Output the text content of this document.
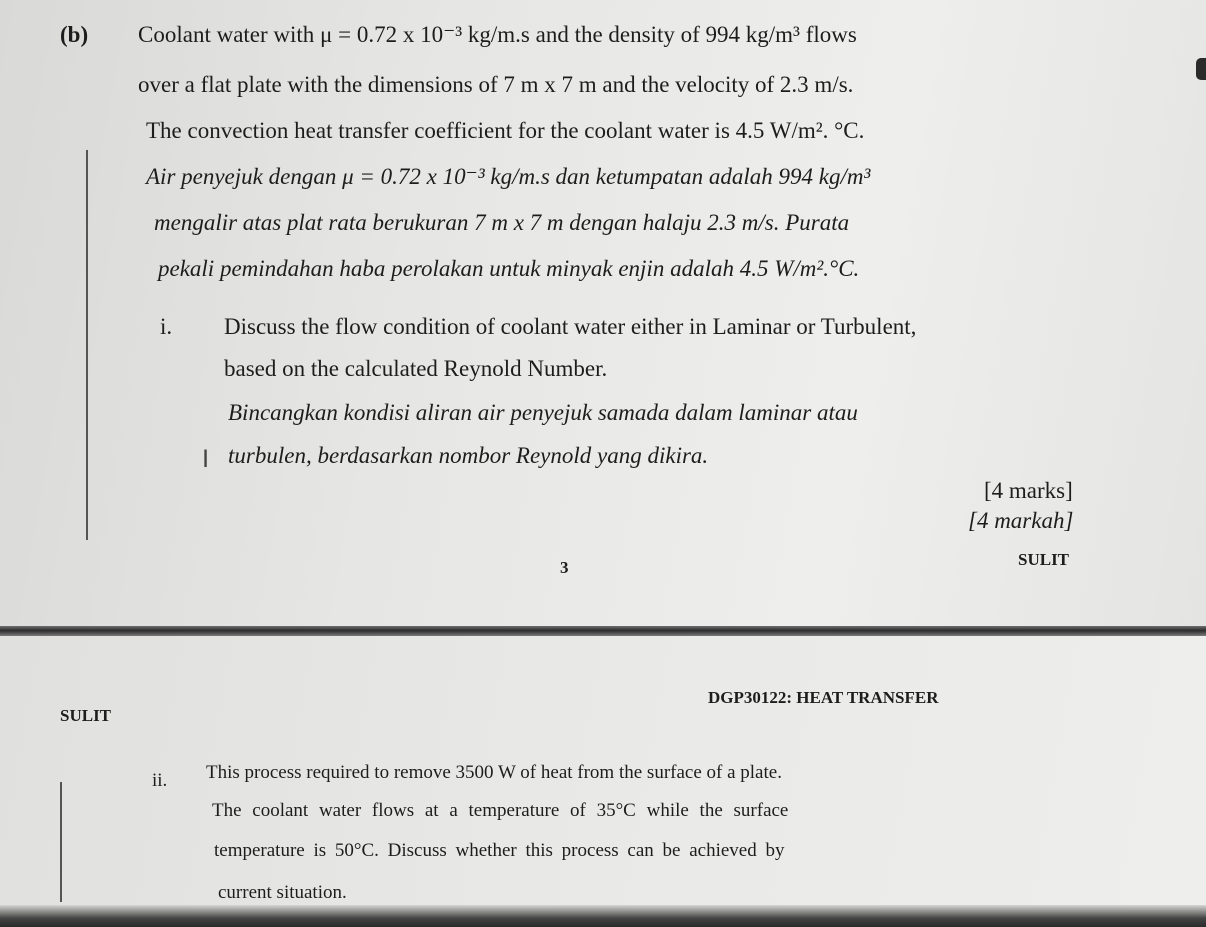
(b) Coolant water with μ = 0.72 x 10⁻³ kg/m.s and the density of 994 kg/m³ flows
over a flat plate with the dimensions of 7 m x 7 m and the velocity of 2.3 m/s.
The convection heat transfer coefficient for the coolant water is 4.5 W/m². °C.
Air penyejuk dengan μ = 0.72 x 10⁻³ kg/m.s dan ketumpatan adalah 994 kg/m³
mengalir atas plat rata berukuran 7 m x 7 m dengan halaju 2.3 m/s. Purata
pekali pemindahan haba perolakan untuk minyak enjin adalah 4.5 W/m².°C.
i. Discuss the flow condition of coolant water either in Laminar or Turbulent,
based on the calculated Reynold Number.
Bincangkan kondisi aliran air penyejuk samada dalam laminar atau
I turbulen, berdasarkan nombor Reynold yang dikira.
[4 marks]
[4 markah]
3	SULIT
SULIT
DGP30122: HEAT TRANSFER
ii. This process required to remove 3500 W of heat from the surface of a plate.
The coolant water flows at a temperature of 35°C while the surface
temperature is 50°C. Discuss whether this process can be achieved by
current situation.
